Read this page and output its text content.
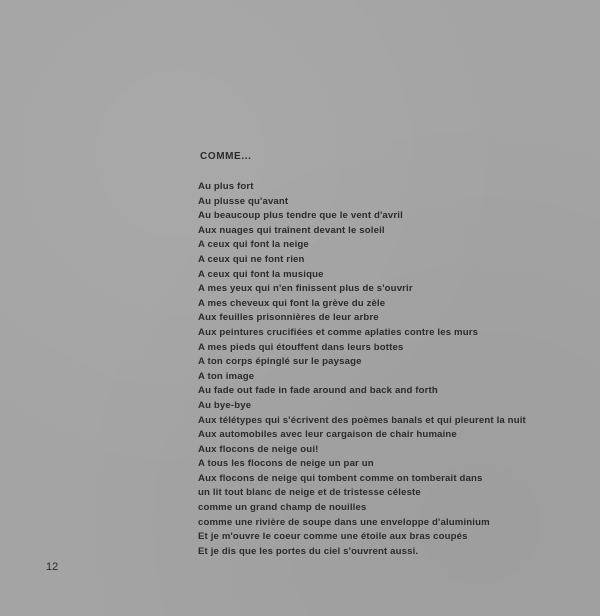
COMME...
Au plus fort
Au plusse qu'avant
Au beaucoup plus tendre que le vent d'avril
Aux nuages qui traînent devant le soleil
A ceux qui font la neige
A ceux qui ne font rien
A ceux qui font la musique
A mes yeux qui n'en finissent plus de s'ouvrir
A mes cheveux qui font la grève du zèle
Aux feuilles prisonnières de leur arbre
Aux peintures crucifiées et comme aplaties contre les murs
A mes pieds qui étouffent dans leurs bottes
A ton corps épinglé sur le paysage
A ton image
Au fade out fade in fade around and back and forth
Au bye-bye
Aux télétypes qui s'écrivent des poèmes banals et qui pleurent la nuit
Aux automobiles avec leur cargaison de chair humaine
Aux flocons de neige oui!
A tous les flocons de neige un par un
Aux flocons de neige qui tombent comme on tomberait dans
un lit tout blanc de neige et de tristesse céleste
comme un grand champ de nouilles
comme une rivière de soupe dans une enveloppe d'aluminium
Et je m'ouvre le coeur comme une étoile aux bras coupés
Et je dis que les portes du ciel s'ouvrent aussi.
12
